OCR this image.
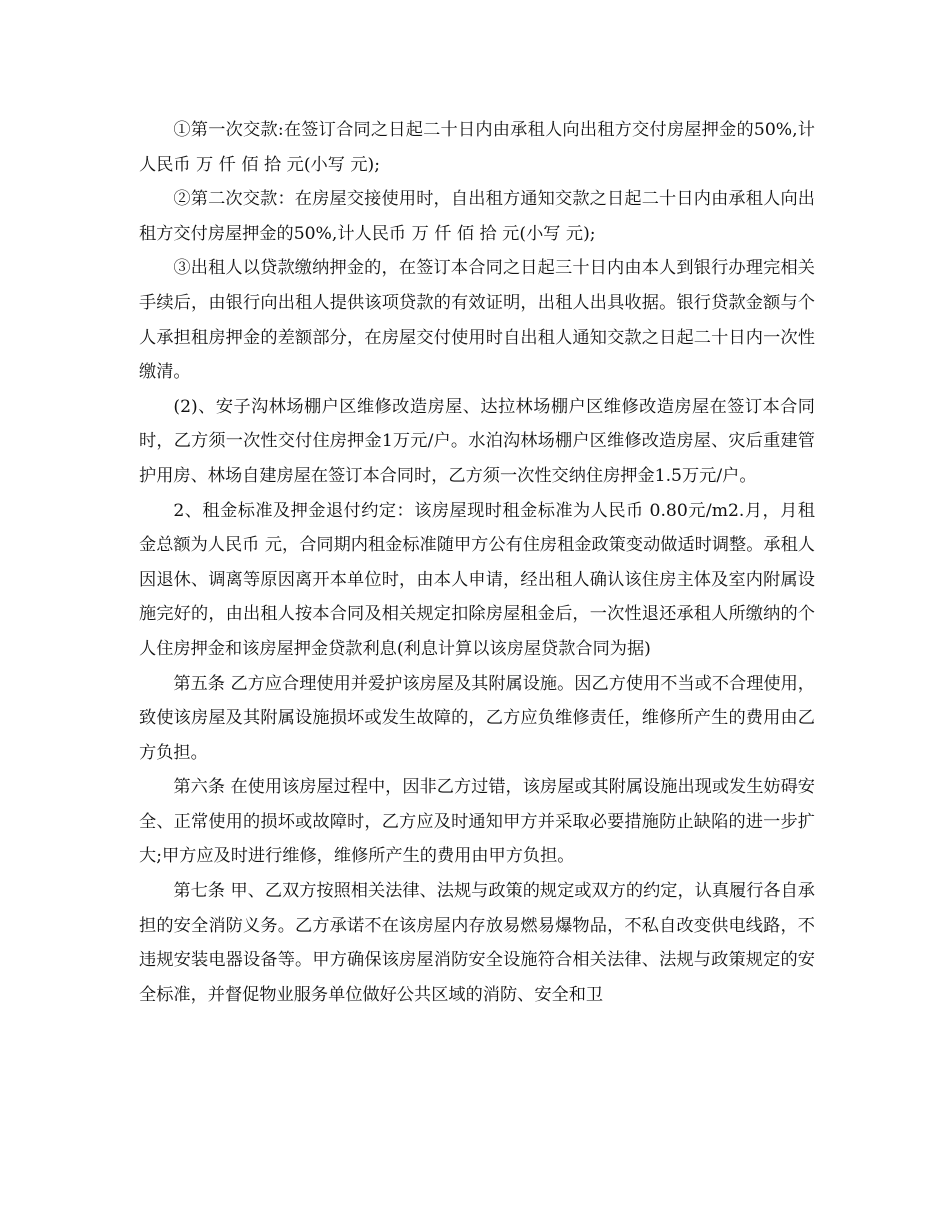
①第一次交款:在签订合同之日起二十日内由承租人向出租方交付房屋押金的50%,计人民币 万 仟 佰 拾 元(小写 元);

②第二次交款：在房屋交接使用时，自出租方通知交款之日起二十日内由承租人向出租方交付房屋押金的50%,计人民币 万 仟 佰 拾 元(小写 元);

③出租人以贷款缴纳押金的，在签订本合同之日起三十日内由本人到银行办理完相关手续后，由银行向出租人提供该项贷款的有效证明，出租人出具收据。银行贷款金额与个人承担租房押金的差额部分，在房屋交付使用时自出租人通知交款之日起二十日内一次性缴清。

(2)、安子沟林场棚户区维修改造房屋、达拉林场棚户区维修改造房屋在签订本合同时，乙方须一次性交付住房押金1万元/户。水泊沟林场棚户区维修改造房屋、灾后重建管护用房、林场自建房屋在签订本合同时，乙方须一次性交纳住房押金1.5万元/户。

2、租金标准及押金退付约定：该房屋现时租金标准为人民币 0.80元/m2.月，月租金总额为人民币 元，合同期内租金标准随甲方公有住房租金政策变动做适时调整。承租人因退休、调离等原因离开本单位时，由本人申请，经出租人确认该住房主体及室内附属设施完好的，由出租人按本合同及相关规定扣除房屋租金后，一次性退还承租人所缴纳的个人住房押金和该房屋押金贷款利息(利息计算以该房屋贷款合同为据)

第五条 乙方应合理使用并爱护该房屋及其附属设施。因乙方使用不当或不合理使用，致使该房屋及其附属设施损坏或发生故障的，乙方应负维修责任，维修所产生的费用由乙方负担。

第六条 在使用该房屋过程中，因非乙方过错，该房屋或其附属设施出现或发生妨碍安全、正常使用的损坏或故障时，乙方应及时通知甲方并采取必要措施防止缺陷的进一步扩大;甲方应及时进行维修，维修所产生的费用由甲方负担。

第七条 甲、乙双方按照相关法律、法规与政策的规定或双方的约定，认真履行各自承担的安全消防义务。乙方承诺不在该房屋内存放易燃易爆物品，不私自改变供电线路，不违规安装电器设备等。甲方确保该房屋消防安全设施符合相关法律、法规与政策规定的安全标准，并督促物业服务单位做好公共区域的消防、安全和卫
